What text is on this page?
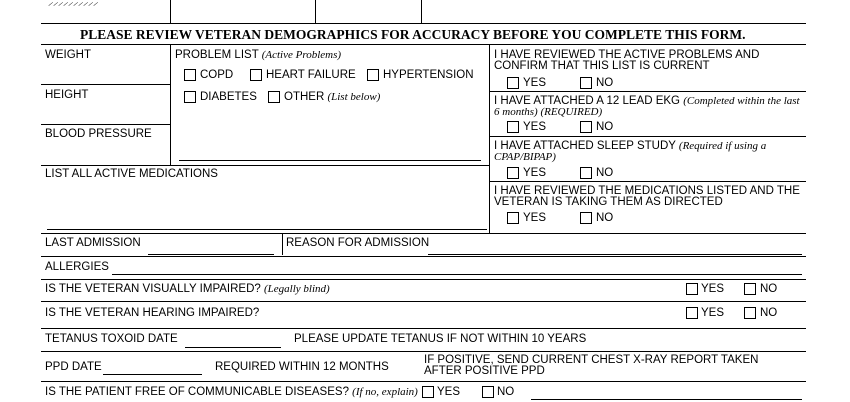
⸝⸝⸝⸝⸝⸝⸝⸝⸝⸝
PLEASE REVIEW VETERAN DEMOGRAPHICS FOR ACCURACY BEFORE YOU COMPLETE THIS FORM.
WEIGHT
HEIGHT
BLOOD PRESSURE
LIST ALL ACTIVE MEDICATIONS
PROBLEM LIST (Active Problems)
COPD	HEART FAILURE HYPERTENSION
DIABETES OTHER (List below)
I HAVE REVIEWED THE ACTIVE PROBLEMS AND CONFIRM THAT THIS LIST IS CURRENT
YES	NO
I HAVE ATTACHED A 12 LEAD EKG (Completed within the last 6 months) (REQUIRED)
YES	NO
I HAVE ATTACHED SLEEP STUDY (Required if using a CPAP/BIPAP)
YES	NO
I HAVE REVIEWED THE MEDICATIONS LISTED AND THE VETERAN IS TAKING THEM AS DIRECTED
YES	NO
LAST ADMISSION	REASON FOR ADMISSION
ALLERGIES
IS THE VETERAN VISUALLY IMPAIRED? (Legally blind)	YES	NO
IS THE VETERAN HEARING IMPAIRED?	YES	NO
TETANUS TOXOID DATE	PLEASE UPDATE TETANUS IF NOT WITHIN 10 YEARS
PPD DATE	REQUIRED WITHIN 12 MONTHS
IF POSITIVE, SEND CURRENT CHEST X-RAY REPORT TAKEN AFTER POSITIVE PPD
IS THE PATIENT FREE OF COMMUNICABLE DISEASES? (If no, explain) YES	NO
